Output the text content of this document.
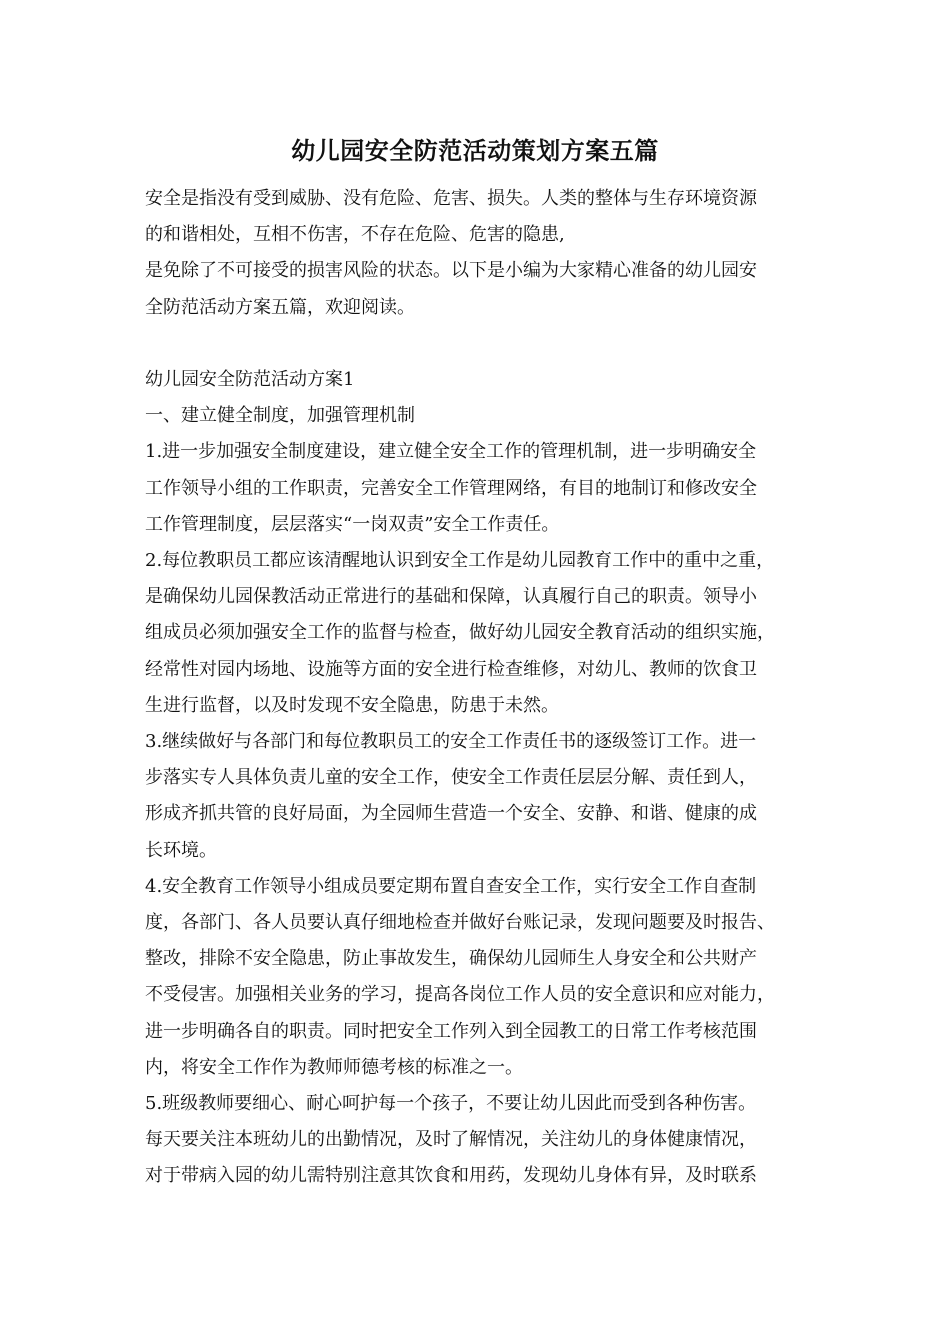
幼儿园安全防范活动策划方案五篇

安全是指没有受到威胁、没有危险、危害、损失。人类的整体与生存环境资源
的和谐相处，互相不伤害，不存在危险、危害的隐患,
是免除了不可接受的损害风险的状态。以下是小编为大家精心准备的幼儿园安
全防范活动方案五篇，欢迎阅读。

幼儿园安全防范活动方案1

一、建立健全制度，加强管理机制

1.进一步加强安全制度建设，建立健全安全工作的管理机制，进一步明确安全
工作领导小组的工作职责，完善安全工作管理网络，有目的地制订和修改安全
工作管理制度，层层落实“一岗双责”安全工作责任。

2.每位教职员工都应该清醒地认识到安全工作是幼儿园教育工作中的重中之重，
是确保幼儿园保教活动正常进行的基础和保障，认真履行自己的职责。领导小
组成员必须加强安全工作的监督与检查，做好幼儿园安全教育活动的组织实施，
经常性对园内场地、设施等方面的安全进行检查维修，对幼儿、教师的饮食卫
生进行监督，以及时发现不安全隐患，防患于未然。

3.继续做好与各部门和每位教职员工的安全工作责任书的逐级签订工作。进一
步落实专人具体负责儿童的安全工作，使安全工作责任层层分解、责任到人，
形成齐抓共管的良好局面，为全园师生营造一个安全、安静、和谐、健康的成
长环境。

4.安全教育工作领导小组成员要定期布置自查安全工作，实行安全工作自查制
度，各部门、各人员要认真仔细地检查并做好台账记录，发现问题要及时报告、
整改，排除不安全隐患，防止事故发生，确保幼儿园师生人身安全和公共财产
不受侵害。加强相关业务的学习，提高各岗位工作人员的安全意识和应对能力，
进一步明确各自的职责。同时把安全工作列入到全园教工的日常工作考核范围
内，将安全工作作为教师师德考核的标准之一。

5.班级教师要细心、耐心呵护每一个孩子，不要让幼儿因此而受到各种伤害。
每天要关注本班幼儿的出勤情况，及时了解情况，关注幼儿的身体健康情况，
对于带病入园的幼儿需特别注意其饮食和用药，发现幼儿身体有异，及时联系
